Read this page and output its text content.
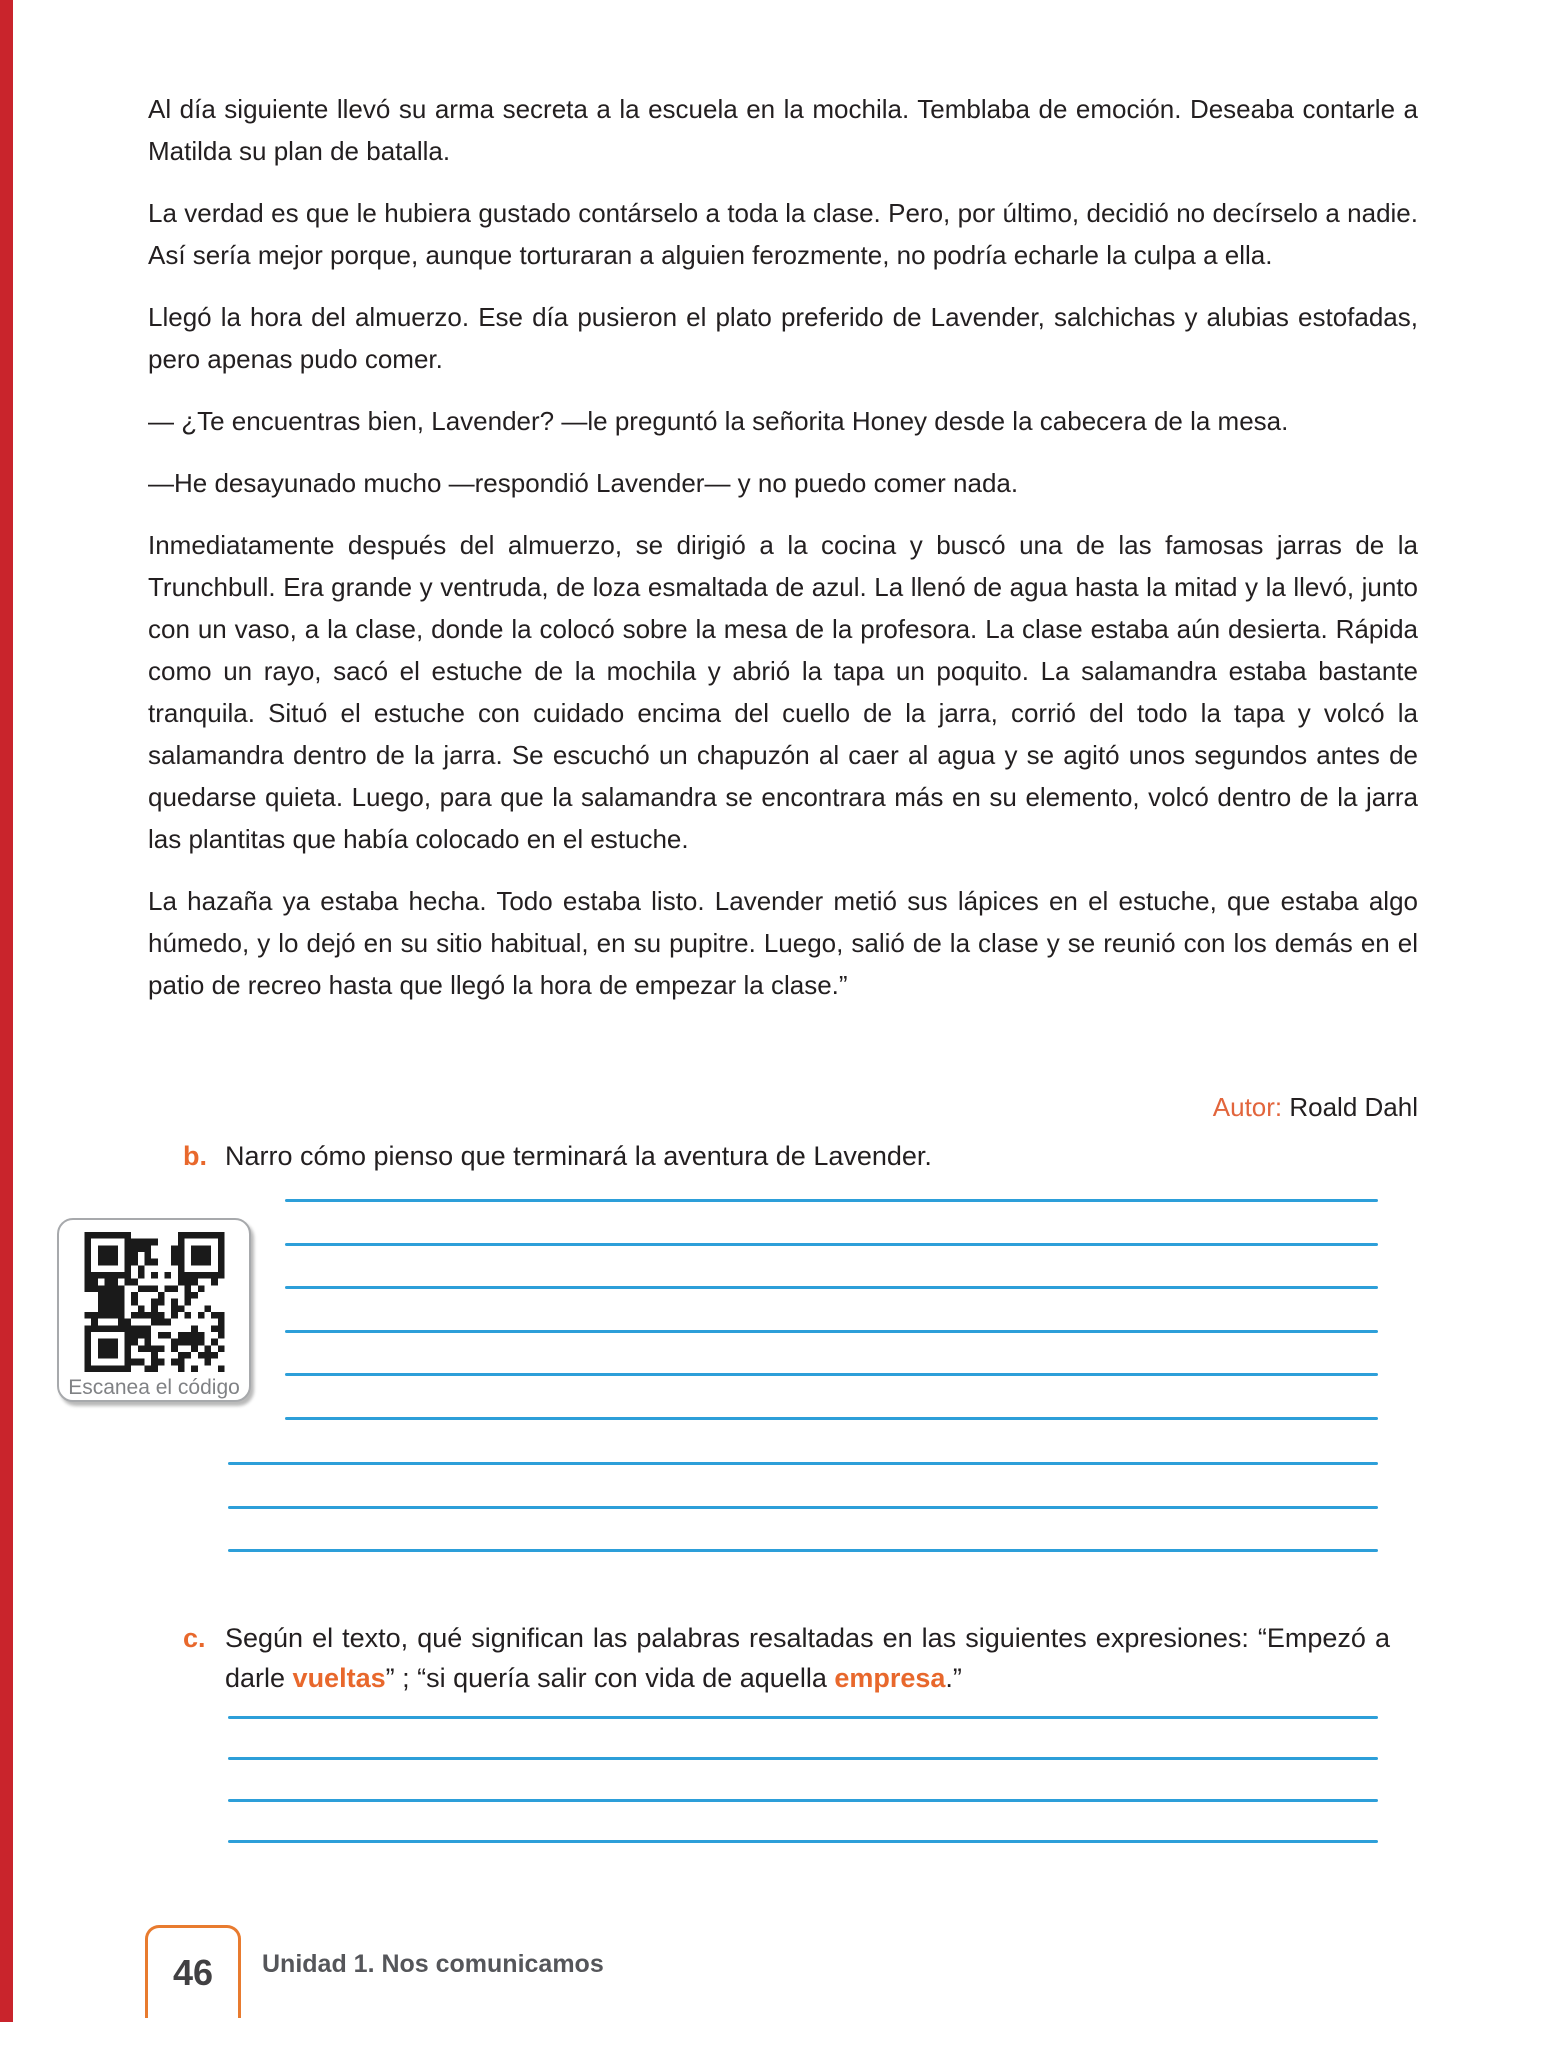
Al día siguiente llevó su arma secreta a la escuela en la mochila. Temblaba de emoción. Deseaba contarle a Matilda su plan de batalla.

La verdad es que le hubiera gustado contárselo a toda la clase. Pero, por último, decidió no decírselo a nadie. Así sería mejor porque, aunque torturaran a alguien ferozmente, no podría echarle la culpa a ella.

Llegó la hora del almuerzo. Ese día pusieron el plato preferido de Lavender, salchichas y alubias estofadas, pero apenas pudo comer.

— ¿Te encuentras bien, Lavender? —le preguntó la señorita Honey desde la cabecera de la mesa.

—He desayunado mucho —respondió Lavender— y no puedo comer nada.

Inmediatamente después del almuerzo, se dirigió a la cocina y buscó una de las famosas jarras de la Trunchbull. Era grande y ventruda, de loza esmaltada de azul. La llenó de agua hasta la mitad y la llevó, junto con un vaso, a la clase, donde la colocó sobre la mesa de la profesora. La clase estaba aún desierta. Rápida como un rayo, sacó el estuche de la mochila y abrió la tapa un poquito. La salamandra estaba bastante tranquila. Situó el estuche con cuidado encima del cuello de la jarra, corrió del todo la tapa y volcó la salamandra dentro de la jarra. Se escuchó un chapuzón al caer al agua y se agitó unos segundos antes de quedarse quieta. Luego, para que la salamandra se encontrara más en su elemento, volcó dentro de la jarra las plantitas que había colocado en el estuche.

La hazaña ya estaba hecha. Todo estaba listo. Lavender metió sus lápices en el estuche, que estaba algo húmedo, y lo dejó en su sitio habitual, en su pupitre. Luego, salió de la clase y se reunió con los demás en el patio de recreo hasta que llegó la hora de empezar la clase.”

Autor: Roald Dahl
b. Narro cómo pienso que terminará la aventura de Lavender.
Escanea el código
c. Según el texto, qué significan las palabras resaltadas en las siguientes expresiones: “Empezó a darle vueltas” ; “si quería salir con vida de aquella empresa.”
46 Unidad 1. Nos comunicamos
